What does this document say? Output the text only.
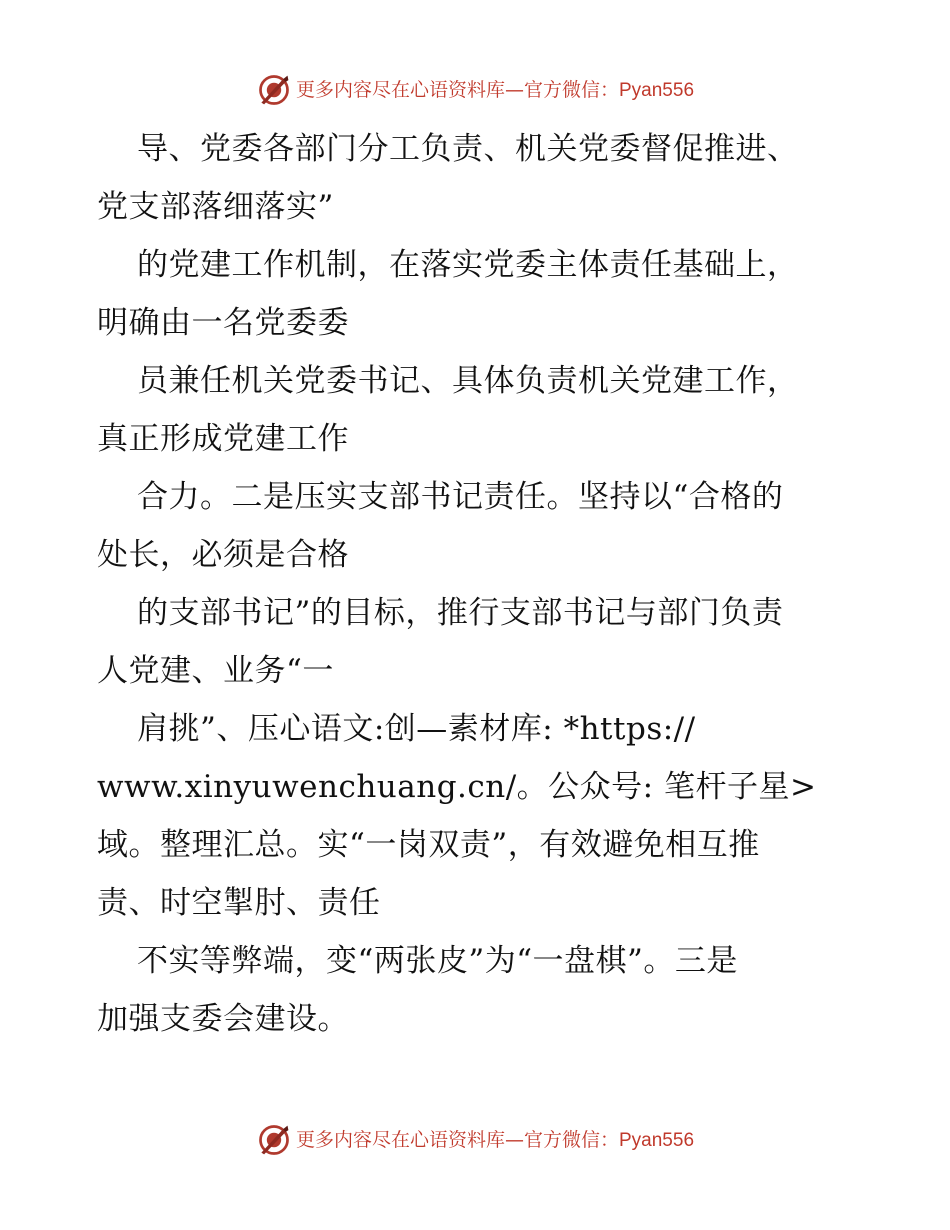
更多内容尽在心语资料库—官方微信：Pyan556
导、党委各部门分工负责、机关党委督促推进、
党支部落细落实”
的党建工作机制，在落实党委主体责任基础上，
明确由一名党委委
员兼任机关党委书记、具体负责机关党建工作，
真正形成党建工作
合力。二是压实支部书记责任。坚持以“合格的
处长，必须是合格
的支部书记”的目标，推行支部书记与部门负责
人党建、业务“一
肩挑”、压心语文:创—素材库: *https://
www.xinyuwenchuang.cn/。公众号: 笔杆子星>
域。整理汇总。实“一岗双责”，有效避免相互推
责、时空掣肘、责任
不实等弊端，变“两张皮”为“一盘棋”。三是
加强支委会建设。
更多内容尽在心语资料库—官方微信：Pyan556
